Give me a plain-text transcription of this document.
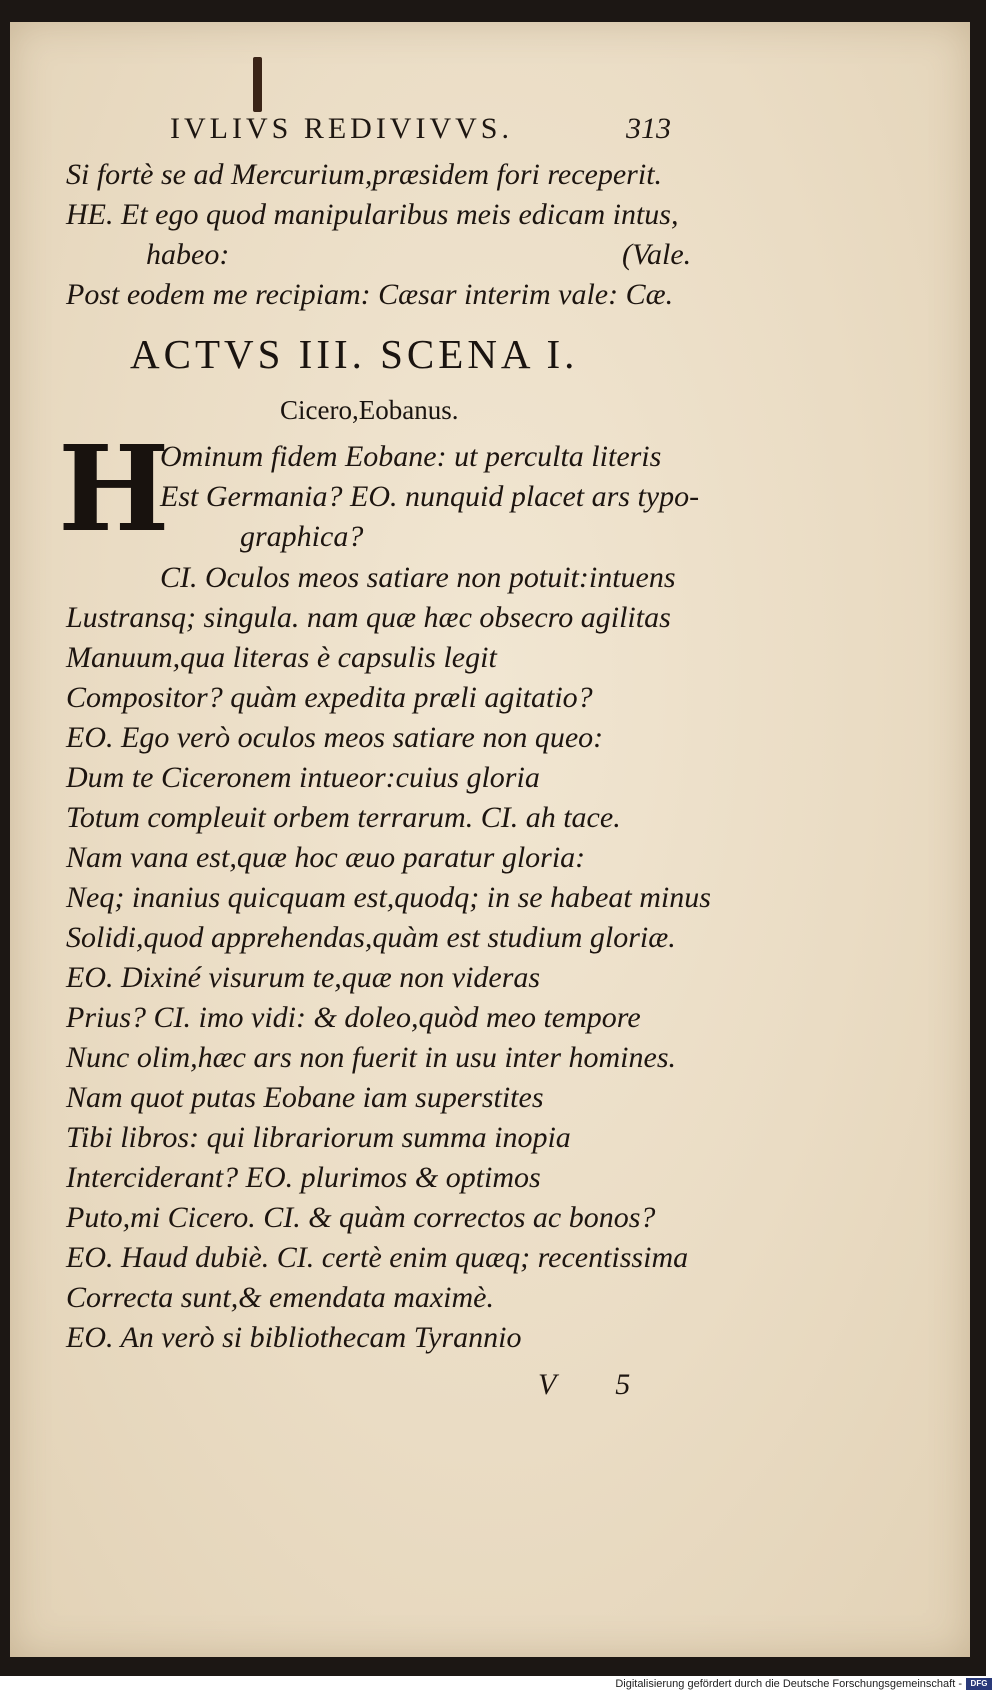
IVLIVS REDIVIVVS.	313
Si fortè se ad Mercurium,præsidem fori receperit.
HE. Et ego quod manipularibus meis edicam intus,
habeo:	(Vale.
Post eodem me recipiam: Cæsar interim vale: Cæ.
ACTVS III. SCENA I.
Cicero,Eobanus.
H
Ominum fidem Eobane: ut perculta literis
Est Germania? EO. nunquid placet ars typo-
graphica?
CI. Oculos meos satiare non potuit:intuens
Lustransq; singula. nam quæ hæc obsecro agilitas
Manuum,qua literas è capsulis legit
Compositor? quàm expedita præli agitatio?
EO. Ego verò oculos meos satiare non queo:
Dum te Ciceronem intueor:cuius gloria
Totum compleuit orbem terrarum. CI. ah tace.
Nam vana est,quæ hoc æuo paratur gloria:
Neq; inanius quicquam est,quodq; in se habeat minus
Solidi,quod apprehendas,quàm est studium gloriæ.
EO. Dixiné visurum te,quæ non videras
Prius? CI. imo vidi: & doleo,quòd meo tempore
Nunc olim,hæc ars non fuerit in usu inter homines.
Nam quot putas Eobane iam superstites
Tibi libros: qui librariorum summa inopia
Interciderant? EO. plurimos & optimos
Puto,mi Cicero. CI. & quàm correctos ac bonos?
EO. Haud dubiè. CI. certè enim quæq; recentissima
Correcta sunt,& emendata maximè.
EO. An verò si bibliothecam Tyrannio
V 5
Digitalisierung gefördert durch die Deutsche Forschungsgemeinschaft -	DFG
